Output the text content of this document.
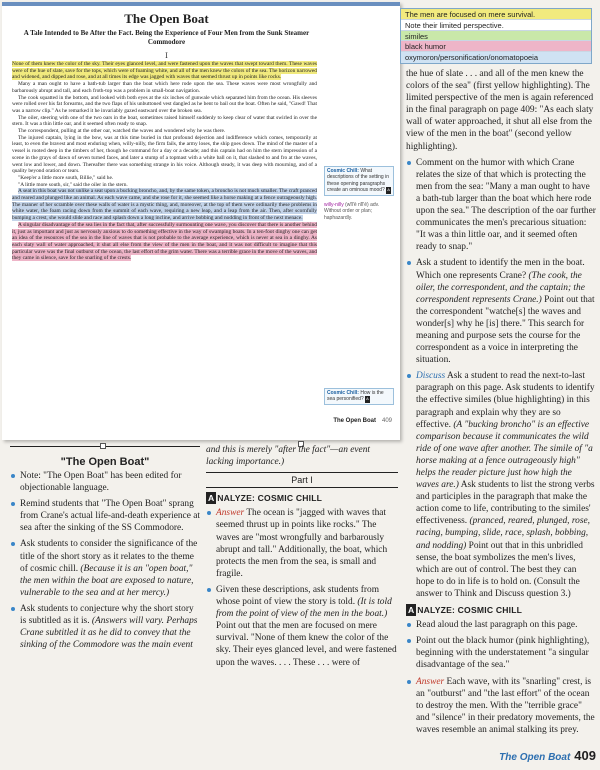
The Open Boat
A Tale Intended to Be After the Fact. Being the Experience of Four Men from the Sunk Steamer Commodore
I

None of them knew the color of the sky. Their eyes glanced level, and were fastened upon the waves that swept toward them. These waves were of the hue of slate, save for the tops, which were of foaming white, and all of the men knew the colors of the sea. The horizon narrowed and widened, and dipped and rose, and at all times its edge was jagged with waves that seemed thrust up in points like rocks.

Many a man ought to have a bath-tub larger than the boat which here rode upon the sea. These waves were most wrongfully and barbarously abrupt and tall, and each froth-top was a problem in small-boat navigation.

The cook squatted in the bottom, and looked with both eyes at the six inches of gunwale which separated him from the ocean. His sleeves were rolled over his fat forearms, and the two flaps of his unbuttoned vest dangled as he bent to bail out the boat. Often he said, "Gawd! That was a narrow clip." As he remarked it he invariably gazed eastward over the broken sea.

The oiler, steering with one of the two oars in the boat, sometimes raised himself suddenly to keep clear of water that swirled in over the stern. It was a thin little oar, and it seemed often ready to snap.

The correspondent, pulling at the other oar, watched the waves and wondered why he was there.

The injured captain, lying in the bow, was at this time buried in that profound dejection and indifference which comes, temporarily at least, to even the bravest and most enduring when, willy-nilly, the firm fails, the army loses, the ship goes down. The mind of the master of a vessel is rooted deep in the timbers of her, though he command for a day or a decade; and this captain had on him the stern impression of a scene in the grays of dawn of seven turned faces, and later a stump of a topmast with a white ball on it, that slashed to and fro at the waves, went low and lower, and down. Thereafter there was something strange in his voice. Although steady, it was deep with mourning, and of a quality beyond oration or tears.

"Keep'er a little more south, Billie," said he.

"A little more south, sir," said the oiler in the stern.

A seat in this boat was not unlike a seat upon a bucking broncho, and, by the same token, a broncho is not much smaller. The craft pranced and reared and plunged like an animal. As each wave came, and she rose for it, she seemed like a horse making at a fence outrageously high. The manner of her scramble over these walls of water is a mystic thing, and, moreover, at the top of them were ordinarily these problems in white water, the foam racing down from the summit of each wave, requiring a new leap, and a leap from the air. Then, after scornfully bumping a crest, she would slide and race and splash down a long incline, and arrive bobbing and nodding in front of the next menace.

A singular disadvantage of the sea lies in the fact that, after successfully surmounting one wave, you discover that there is another behind it, just as important and just as nervously anxious to do something effective in the way of swamping boats. In a ten-foot dinghy one can get an idea of the resources of the sea in the line of waves that is not probable to the average experience, which is never at sea in a dinghy. As each slaty wall of water approached, it shut all else from the view of the men in the boat, and it was not difficult to imagine that this particular wave was the final outburst of the ocean, the last effort of the grim water. There was a terrible grace in the move of the waves, and they came in silence, save for the snarling of the crests.

Cosmic Chill: What descriptions of the setting in these opening paragraphs create an ominous mood? A
willy-nilly (wĭl'ē nĭl'ē) adv. Without order or plan; haphazardly.
Cosmic Chill: How is the sea personified? A
The Open Boat 409
The men are focused on mere survival.
Note their limited perspective.
similes
black humor
oxymoron/personification/onomatopoeia

the hue of slate . . . and all of the men knew the colors of the sea" (first yellow highlighting). The limited perspective of the men is again referenced in the final paragraph on page 409: "As each slaty wall of water approached, it shut all else from the view of the men in the boat" (second yellow highlighting).

Comment on the humor with which Crane relates the size of that which is protecting the men from the sea: "Many a man ought to have a bath-tub larger than the boat which here rode upon the sea." The description of the oar further communicates the men's precarious situation: "It was a thin little oar, and it seemed often ready to snap."
Ask a student to identify the men in the boat. Which one represents Crane? (The cook, the oiler, the correspondent, and the captain; the correspondent represents Crane.) Point out that the correspondent "watche[s] the waves and wonder[s] why he [is] there." This search for meaning and purpose sets the course for the correspondent as a voice in interpreting the situation.
Discuss Ask a student to read the next-to-last paragraph on this page. Ask students to identify the effective similes (blue highlighting) in this paragraph and explain why they are so effective. (A "bucking broncho" is an effective comparison because it communicates the wild ride of one wave after another. The simile of "a horse making at a fence outrageously high" helps the reader picture just how high the waves are.) Ask students to list the strong verbs and participles in the paragraph that make the action come to life, contributing to the similes' effectiveness. (pranced, reared, plunged, rose, racing, bumping, slide, race, splash, bobbing, and nodding) Point out that in this unbridled sense, the boat symbolizes the men's lives, which are out of control. The best they can hope to do in life is to hold on. (Consult the answer to Think and Discuss question 3.)
A NALYZE: COSMIC CHILL
Read aloud the last paragraph on this page.
Point out the black humor (pink highlighting), beginning with the understatement "a singular disadvantage of the sea."
Answer Each wave, with its "snarling" crest, is an "outburst" and "the last effort" of the ocean to destroy the men. With the "terrible grace" and "silence" in their predatory movements, the waves resemble an animal stalking its prey.
"The Open Boat"
Note: "The Open Boat" has been edited for objectionable language.
Remind students that "The Open Boat" sprang from Crane's actual life-and-death experience at sea after the sinking of the SS Commodore.
Ask students to consider the significance of the title of the short story as it relates to the theme of cosmic chill. (Because it is an "open boat," the men within the boat are exposed to nature, vulnerable to the sea and at her mercy.)
Ask students to conjecture why the short story is subtitled as it is. (Answers will vary. Perhaps Crane subtitled it as he did to convey that the sinking of the Commodore was the main event

and this is merely "after the fact"—an event lacking importance.)

Part I
A NALYZE: COSMIC CHILL
Answer The ocean is "jagged with waves that seemed thrust up in points like rocks." The waves are "most wrongfully and barbarously abrupt and tall." Additionally, the boat, which protects the men from the sea, is small and fragile.
Given these descriptions, ask students from whose point of view the story is told. (It is told from the point of view of the men in the boat.) Point out that the men are focused on mere survival. "None of them knew the color of the sky. Their eyes glanced level, and were fastened upon the waves. . . . These . . . were of
The Open Boat 409
